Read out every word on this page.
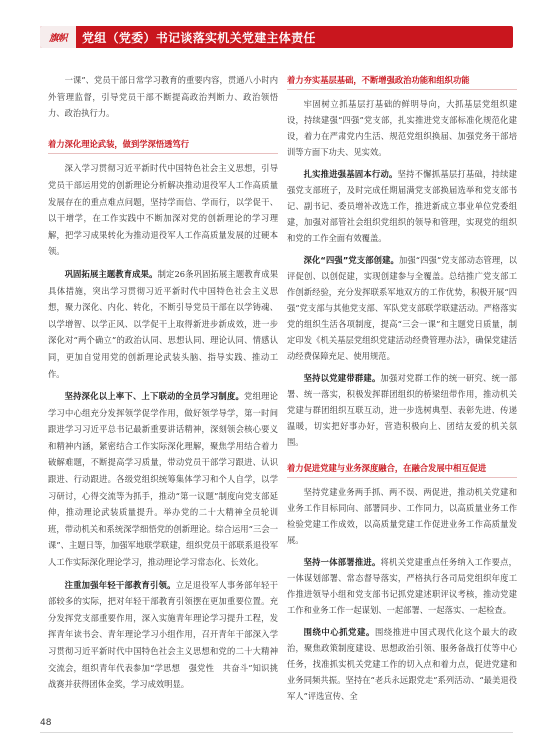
旗帜	党组（党委）书记谈落实机关党建主体责任

一课”、党员干部日常学习教育的重要内容，贯通八小时内外管理监督，引导党员干部不断提高政治判断力、政治领悟力、政治执行力。

着力深化理论武装，做到学深悟透笃行

深入学习贯彻习近平新时代中国特色社会主义思想，引导党员干部运用党的创新理论分析解决推动退役军人工作高质量发展存在的重点难点问题，坚持学而信、学而行，以学促干、以干增学，在工作实践中不断加深对党的创新理论的学习理解，把学习成果转化为推动退役军人工作高质量发展的过硬本领。

巩固拓展主题教育成果。制定26条巩固拓展主题教育成果具体措施，突出学习贯彻习近平新时代中国特色社会主义思想，聚力深化、内化、转化，不断引导党员干部在以学铸魂、以学增智、以学正风、以学促干上取得新进步新成效，进一步深化对“两个确立”的政治认同、思想认同、理论认同、情感认同，更加自觉用党的创新理论武装头脑、指导实践、推动工作。

坚持深化以上率下、上下联动的全员学习制度。党组理论学习中心组充分发挥领学促学作用，做好领学导学，第一时间跟进学习习近平总书记最新重要讲话精神，深刻领会核心要义和精神内涵，紧密结合工作实际深化理解，聚焦学用结合着力破解难题，不断提高学习质量，带动党员干部学习跟进、认识跟进、行动跟进。各级党组织统筹集体学习和个人自学，以学习研讨，心得交流等为抓手，推动“第一议题”制度向党支部延伸，推动理论武装质量提升。举办党的二十大精神全员轮训班，带动机关和系统深学细悟党的创新理论。综合运用“三会一课”、主题日等，加强军地联学联建，组织党员干部联系退役军人工作实际深化理论学习，推动理论学习常态化、长效化。

注重加强年轻干部教育引领。立足退役军人事务部年轻干部较多的实际，把对年轻干部教育引领摆在更加重要位置。充分发挥党支部重要作用，深入实施青年理论学习提升工程，发挥青年读书会、青年理论学习小组作用，召开青年干部深入学习贯彻习近平新时代中国特色社会主义思想和党的二十大精神交流会，组织青年代表参加“学思想　强党性　共奋斗”知识挑战赛并获得团体金奖，学习成效明显。

着力夯实基层基础，不断增强政治功能和组织功能

牢固树立抓基层打基础的鲜明导向，大抓基层党组织建设，持续建强“四强”党支部，扎实推进党支部标准化规范化建设，着力在严肃党内生活、规范党组织换届、加强党务干部培训等方面下功夫、见实效。

扎实推进强基固本行动。坚持不懈抓基层打基础，持续建强党支部班子，及时完成任期届满党支部换届选举和党支部书记、副书记、委员增补改选工作，推进新成立事业单位党委组建，加强对部管社会组织党组织的领导和管理，实现党的组织和党的工作全面有效覆盖。

深化“四强”党支部创建。加强“四强”党支部动态管理，以评促创、以创促建，实现创建参与全覆盖。总结推广党支部工作创新经验，充分发挥联系军地双方的工作优势，积极开展“四强”党支部与其他党支部、军队党支部联学联建活动。严格落实党的组织生活各项制度，提高“三会一课”和主题党日质量，制定印发《机关基层党组织党建活动经费管理办法》，确保党建活动经费保障充足、使用规范。

坚持以党建带群建。加强对党群工作的统一研究、统一部署、统一落实，积极发挥群团组织的桥梁纽带作用，推动机关党建与群团组织互联互动，进一步选树典型、表彰先进、传递温暖，切实把好事办好，营造积极向上、团结友爱的机关氛围。

着力促进党建与业务深度融合，在融合发展中相互促进

坚持党建业务两手抓、两不误、两促进，推动机关党建和业务工作目标同向、部署同步、工作同力，以高质量业务工作检验党建工作成效，以高质量党建工作促进业务工作高质量发展。

坚持一体部署推进。将机关党建重点任务纳入工作要点，一体谋划部署、常态督导落实，严格执行各司局党组织年度工作推进领导小组和党支部书记抓党建述职评议考核，推动党建工作和业务工作一起谋划、一起部署、一起落实、一起检查。

围绕中心抓党建。围绕推进中国式现代化这个最大的政治，聚焦政策制度建设、思想政治引领、服务备战打仗等中心任务，找准抓实机关党建工作的切入点和着力点，促进党建和业务同频共振。坚持在“老兵永远跟党走”系列活动、“最美退役军人”评选宣传、全

48
